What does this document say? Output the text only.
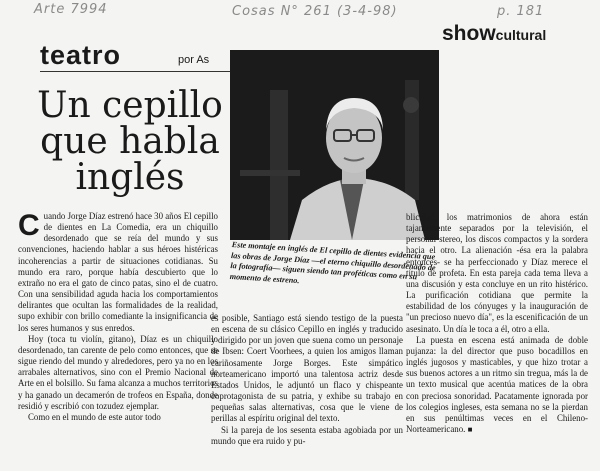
Arte 7994	Cosas N° 261 (3-4-98)	p. 181
teatro	por As
showcultural
Un cepillo
que habla
inglés
Este montaje en inglés de El cepillo de dientes evidencia que las obras de Jorge Díaz —el eterno chiquillo desordenado de la fotografía— siguen siendo tan proféticas como en su momento de estreno.

Cuando Jorge Díaz estrenó hace 30 años El cepillo de dientes en La Comedia, era un chiquillo desordenado que se reía del mundo y sus convenciones, haciendo hablar a sus héroes histéricas incoherencias a partir de situaciones cotidianas. Su mundo era raro, porque había descubierto que lo extraño no era el gato de cinco patas, sino el de cuatro. Con una sensibilidad aguda hacia los comportamientos delirantes que ocultan las formalidades de la realidad, supo exhibir con brillo comediante la insignificancia de los seres humanos y sus enredos.

Hoy (toca tu violín, gitano), Díaz es un chiquillo desordenado, tan carente de pelo como entonces, que se sigue riendo del mundo y alrededores, pero ya no en los arrabales alternativos, sino con el Premio Nacional de Arte en el bolsillo. Su fama alcanza a muchos territorios y ha ganado un decamerón de trofeos en España, donde residió y escribió con tozudez ejemplar.

Como en el mundo de este autor todo

es posible, Santiago está siendo testigo de la puesta en escena de su clásico Cepillo en inglés y traducido y dirigido por un joven que suena como un personaje de Ibsen: Coert Voorhees, a quien los amigos llaman cariñosamente Jorge Borges. Este simpático norteamericano importó una talentosa actriz desde Estados Unidos, le adjuntó un flaco y chispeante coprotagonista de su patria, y exhibe su trabajo en pequeñas salas alternativas, cosa que le viene de perillas al espíritu original del texto.

Si la pareja de los sesenta estaba agobiada por un mundo que era ruido y pu-

blicidad, los matrimonios de ahora están tajantemente separados por la televisión, el personal stereo, los discos compactos y la sordera hacia el otro. La alienación -ésa era la palabra entonces- se ha perfeccionado y Díaz merece el título de profeta. En esta pareja cada tema lleva a una discusión y esta concluye en un rito histérico. La purificación cotidiana que permite la estabilidad de los cónyuges y la inauguración de "un precioso nuevo día", es la escenificación de un asesinato. Un día le toca a él, otro a ella.

La puesta en escena está animada de doble pujanza: la del director que puso bocadillos en inglés jugosos y masticables, y que hizo trotar a sus buenos actores a un ritmo sin tregua, más la de un texto musical que acentúa matices de la obra con preciosa sonoridad. Pacatamente ignorada por los colegios ingleses, esta semana no se la pierdan en sus penúltimas veces en el Chileno-Norteamericano. ■
